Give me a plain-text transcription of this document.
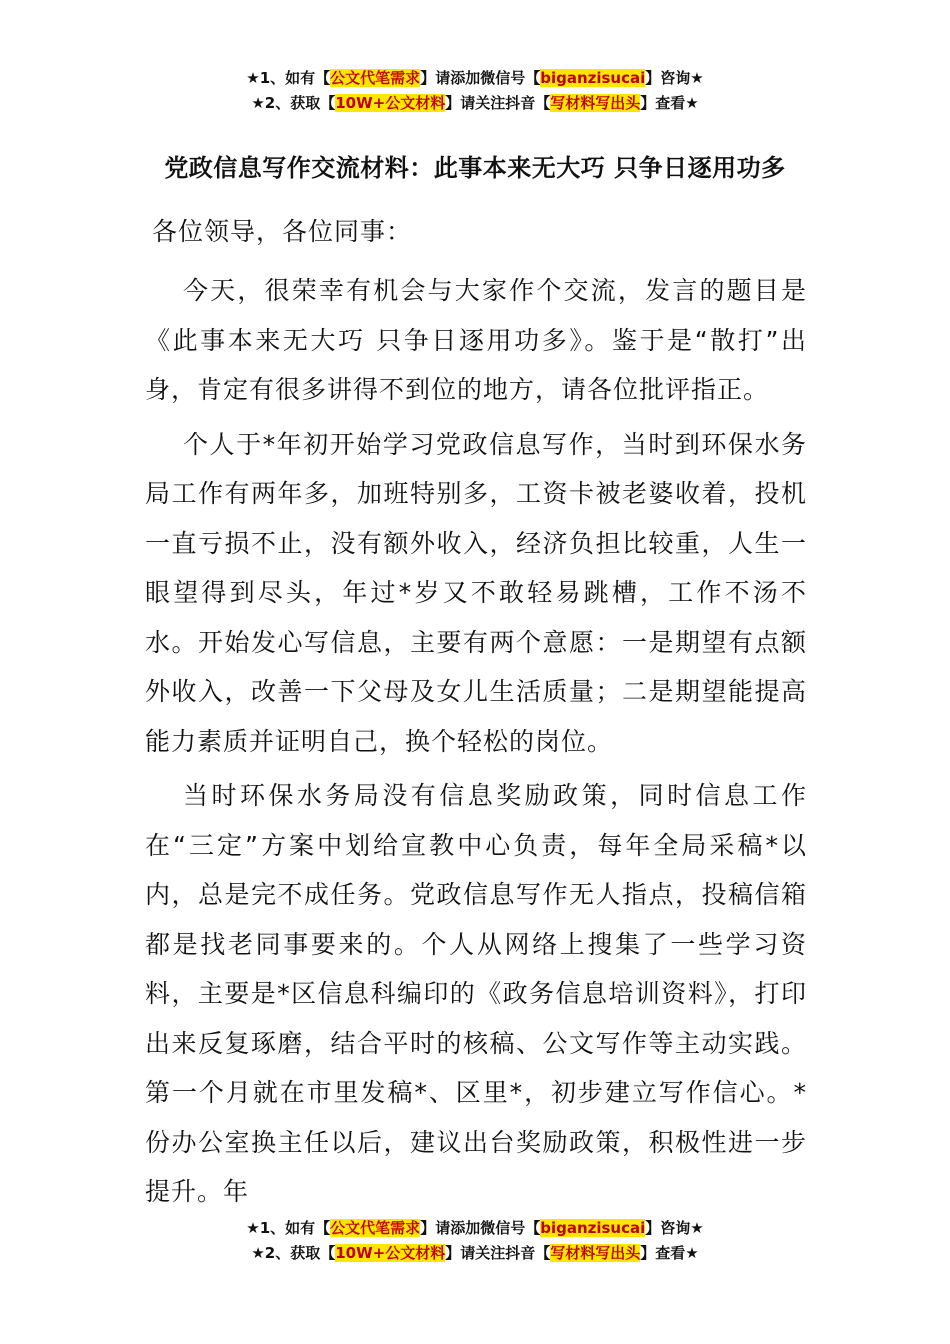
★1、如有【公文代笔需求】请添加微信号【biganzisucai】咨询★
★2、获取【10W+公文材料】请关注抖音【写材料写出头】查看★
党政信息写作交流材料：此事本来无大巧 只争日逐用功多
各位领导，各位同事：

今天，很荣幸有机会与大家作个交流，发言的题目是《此事本来无大巧 只争日逐用功多》。鉴于是“散打”出身，肯定有很多讲得不到位的地方，请各位批评指正。

个人于*年初开始学习党政信息写作，当时到环保水务局工作有两年多，加班特别多，工资卡被老婆收着，投机一直亏损不止，没有额外收入，经济负担比较重，人生一眼望得到尽头，年过*岁又不敢轻易跳槽，工作不汤不水。开始发心写信息，主要有两个意愿：一是期望有点额外收入，改善一下父母及女儿生活质量；二是期望能提高能力素质并证明自己，换个轻松的岗位。

当时环保水务局没有信息奖励政策，同时信息工作在“三定”方案中划给宣教中心负责，每年全局采稿*以内，总是完不成任务。党政信息写作无人指点，投稿信箱都是找老同事要来的。个人从网络上搜集了一些学习资料，主要是*区信息科编印的《政务信息培训资料》，打印出来反复琢磨，结合平时的核稿、公文写作等主动实践。第一个月就在市里发稿*、区里*，初步建立写作信心。*份办公室换主任以后，建议出台奖励政策，积极性进一步提升。年

★1、如有【公文代笔需求】请添加微信号【biganzisucai】咨询★
★2、获取【10W+公文材料】请关注抖音【写材料写出头】查看★
